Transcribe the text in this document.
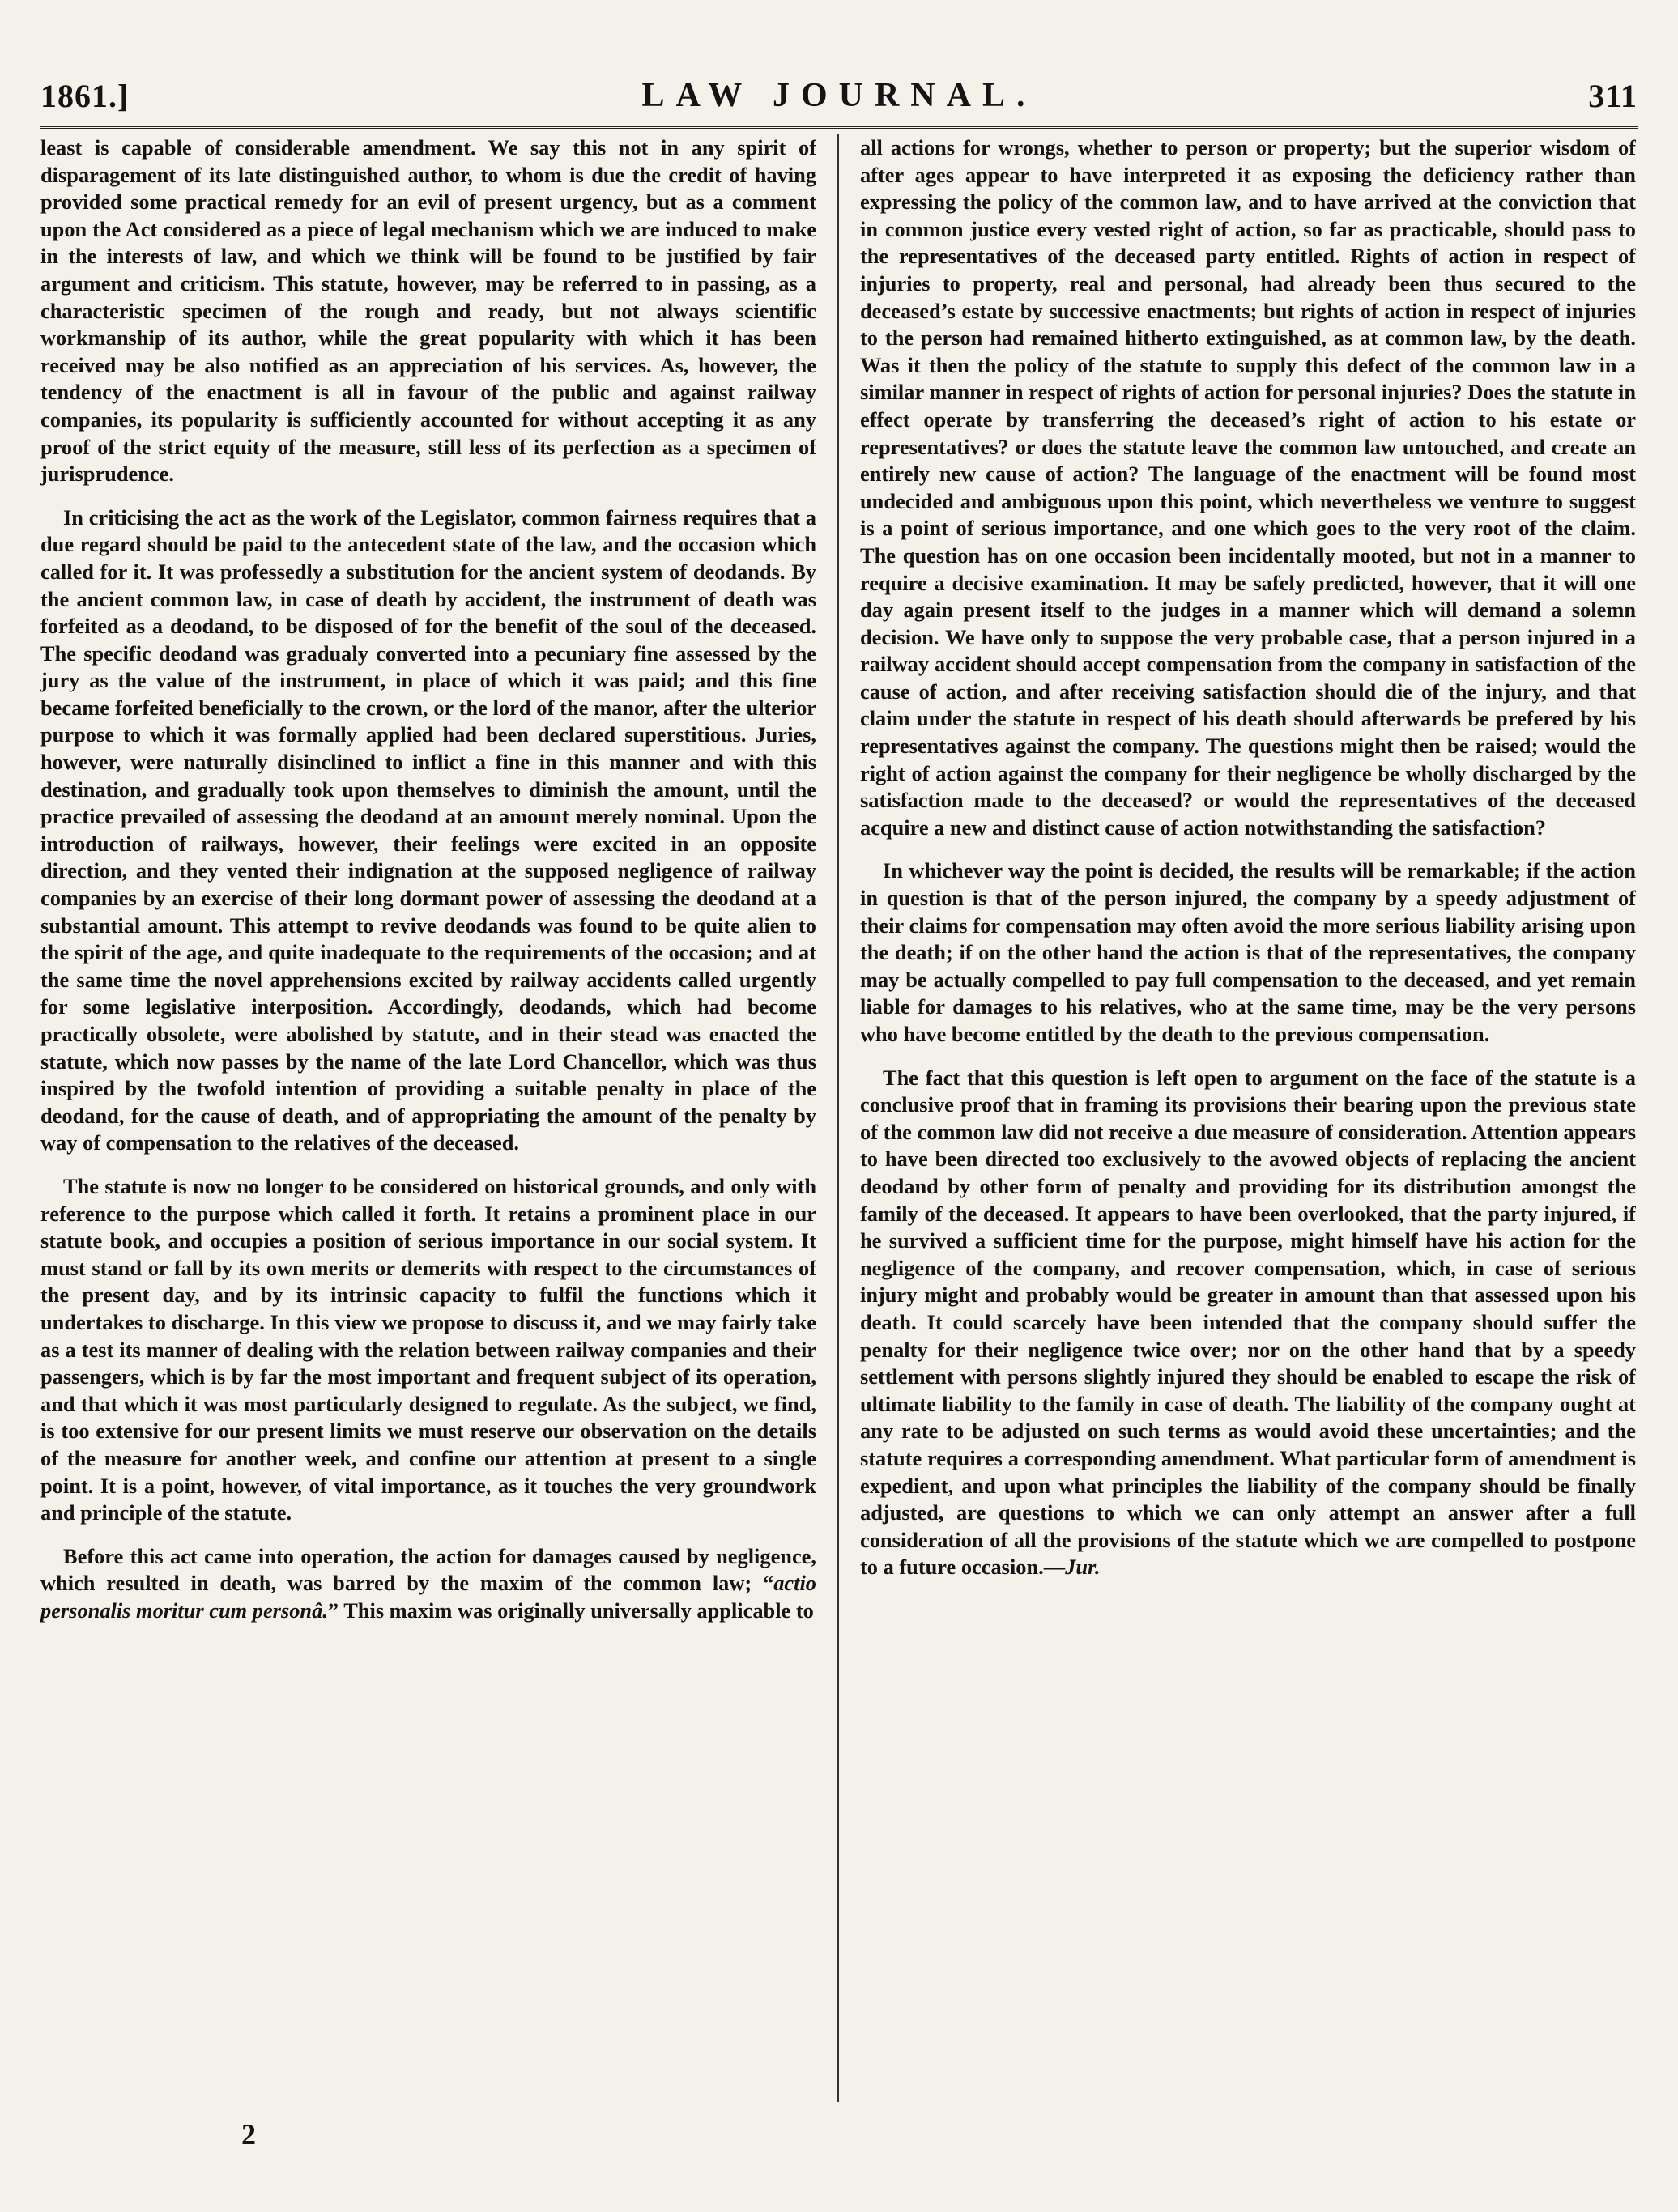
1861.]	LAW JOURNAL.	311

least is capable of considerable amendment. We say this not in any spirit of disparagement of its late distinguished author, to whom is due the credit of having provided some practical remedy for an evil of present urgency, but as a comment upon the Act considered as a piece of legal mechanism which we are induced to make in the interests of law, and which we think will be found to be justified by fair argument and criticism. This statute, however, may be referred to in passing, as a characteristic specimen of the rough and ready, but not always scientific workmanship of its author, while the great popularity with which it has been received may be also notified as an appreciation of his services. As, however, the tendency of the enactment is all in favour of the public and against railway companies, its popularity is sufficiently accounted for without accepting it as any proof of the strict equity of the measure, still less of its perfection as a specimen of jurisprudence.

In criticising the act as the work of the Legislator, common fairness requires that a due regard should be paid to the antecedent state of the law, and the occasion which called for it. It was professedly a substitution for the ancient system of deodands. By the ancient common law, in case of death by accident, the instrument of death was forfeited as a deodand, to be disposed of for the benefit of the soul of the deceased. The specific deodand was gradualy converted into a pecuniary fine assessed by the jury as the value of the instrument, in place of which it was paid; and this fine became forfeited beneficially to the crown, or the lord of the manor, after the ulterior purpose to which it was formally applied had been declared superstitious. Juries, however, were naturally disinclined to inflict a fine in this manner and with this destination, and gradually took upon themselves to diminish the amount, until the practice prevailed of assessing the deodand at an amount merely nominal. Upon the introduction of railways, however, their feelings were excited in an opposite direction, and they vented their indignation at the supposed negligence of railway companies by an exercise of their long dormant power of assessing the deodand at a substantial amount. This attempt to revive deodands was found to be quite alien to the spirit of the age, and quite inadequate to the requirements of the occasion; and at the same time the novel apprehensions excited by railway accidents called urgently for some legislative interposition. Accordingly, deodands, which had become practically obsolete, were abolished by statute, and in their stead was enacted the statute, which now passes by the name of the late Lord Chancellor, which was thus inspired by the twofold intention of providing a suitable penalty in place of the deodand, for the cause of death, and of appropriating the amount of the penalty by way of compensation to the relatives of the deceased.

The statute is now no longer to be considered on historical grounds, and only with reference to the purpose which called it forth. It retains a prominent place in our statute book, and occupies a position of serious importance in our social system. It must stand or fall by its own merits or demerits with respect to the circumstances of the present day, and by its intrinsic capacity to fulfil the functions which it undertakes to discharge. In this view we propose to discuss it, and we may fairly take as a test its manner of dealing with the relation between railway companies and their passengers, which is by far the most important and frequent subject of its operation, and that which it was most particularly designed to regulate. As the subject, we find, is too extensive for our present limits we must reserve our observation on the details of the measure for another week, and confine our attention at present to a single point. It is a point, however, of vital importance, as it touches the very groundwork and principle of the statute.

Before this act came into operation, the action for damages caused by negligence, which resulted in death, was barred by the maxim of the common law; “actio personalis moritur cum personâ.” This maxim was originally universally applicable to

all actions for wrongs, whether to person or property; but the superior wisdom of after ages appear to have interpreted it as exposing the deficiency rather than expressing the policy of the common law, and to have arrived at the conviction that in common justice every vested right of action, so far as practicable, should pass to the representatives of the deceased party entitled. Rights of action in respect of injuries to property, real and personal, had already been thus secured to the deceased’s estate by successive enactments; but rights of action in respect of injuries to the person had remained hitherto extinguished, as at common law, by the death. Was it then the policy of the statute to supply this defect of the common law in a similar manner in respect of rights of action for personal injuries? Does the statute in effect operate by transferring the deceased’s right of action to his estate or representatives? or does the statute leave the common law untouched, and create an entirely new cause of action? The language of the enactment will be found most undecided and ambiguous upon this point, which nevertheless we venture to suggest is a point of serious importance, and one which goes to the very root of the claim. The question has on one occasion been incidentally mooted, but not in a manner to require a decisive examination. It may be safely predicted, however, that it will one day again present itself to the judges in a manner which will demand a solemn decision. We have only to suppose the very probable case, that a person injured in a railway accident should accept compensation from the company in satisfaction of the cause of action, and after receiving satisfaction should die of the injury, and that claim under the statute in respect of his death should afterwards be prefered by his representatives against the company. The questions might then be raised; would the right of action against the company for their negligence be wholly discharged by the satisfaction made to the deceased? or would the representatives of the deceased acquire a new and distinct cause of action notwithstanding the satisfaction?

In whichever way the point is decided, the results will be remarkable; if the action in question is that of the person injured, the company by a speedy adjustment of their claims for compensation may often avoid the more serious liability arising upon the death; if on the other hand the action is that of the representatives, the company may be actually compelled to pay full compensation to the deceased, and yet remain liable for damages to his relatives, who at the same time, may be the very persons who have become entitled by the death to the previous compensation.

The fact that this question is left open to argument on the face of the statute is a conclusive proof that in framing its provisions their bearing upon the previous state of the common law did not receive a due measure of consideration. Attention appears to have been directed too exclusively to the avowed objects of replacing the ancient deodand by other form of penalty and providing for its distribution amongst the family of the deceased. It appears to have been overlooked, that the party injured, if he survived a sufficient time for the purpose, might himself have his action for the negligence of the company, and recover compensation, which, in case of serious injury might and probably would be greater in amount than that assessed upon his death. It could scarcely have been intended that the company should suffer the penalty for their negligence twice over; nor on the other hand that by a speedy settlement with persons slightly injured they should be enabled to escape the risk of ultimate liability to the family in case of death. The liability of the company ought at any rate to be adjusted on such terms as would avoid these uncertainties; and the statute requires a corresponding amendment. What particular form of amendment is expedient, and upon what principles the liability of the company should be finally adjusted, are questions to which we can only attempt an answer after a full consideration of all the provisions of the statute which we are compelled to postpone to a future occasion.—Jur.

2
